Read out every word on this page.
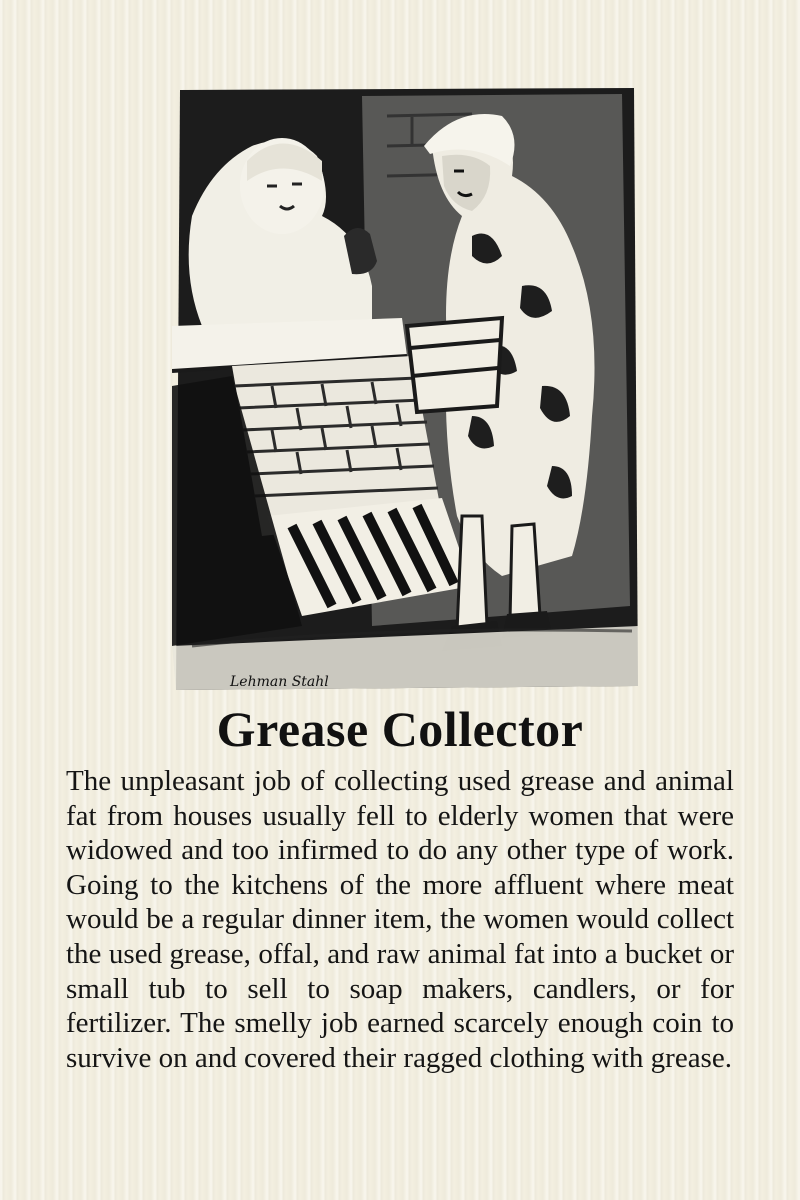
Lehman Stahl
Grease Collector

The unpleasant job of collecting used grease and animal fat from houses usually fell to elderly women that were widowed and too infirmed to do any other type of work. Going to the kitchens of the more affluent where meat would be a regular dinner item, the women would collect the used grease, offal, and raw animal fat into a bucket or small tub to sell to soap makers, candlers, or for fertilizer. The smelly job earned scarcely enough coin to survive on and covered their ragged clothing with grease.
